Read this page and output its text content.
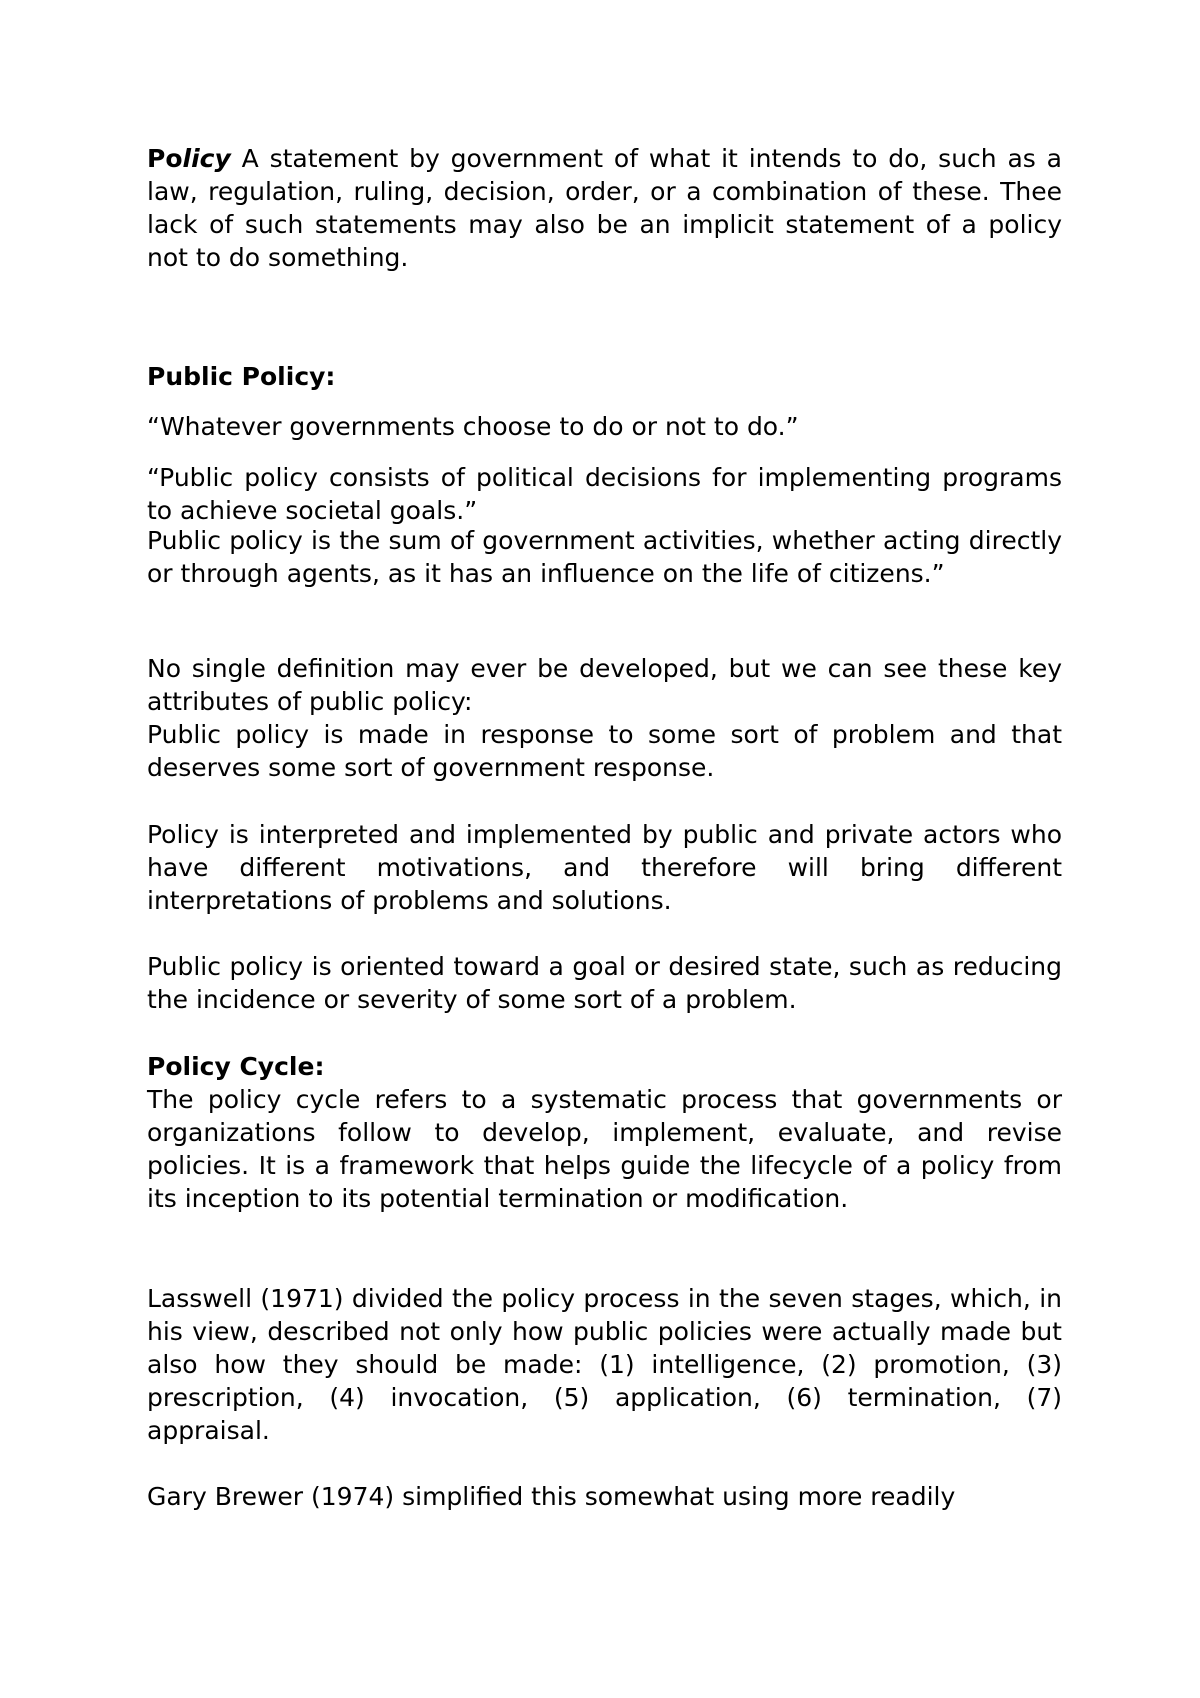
Policy A statement by government of what it intends to do, such as a law, regulation, ruling, decision, order, or a combination of these. Thee lack of such statements may also be an implicit statement of a policy not to do something.

Public Policy:

“Whatever governments choose to do or not to do.”

“Public policy consists of political decisions for implementing programs to achieve societal goals.”

Public policy is the sum of government activities, whether acting directly or through agents, as it has an influence on the life of citizens.”

No single definition may ever be developed, but we can see these key attributes of public policy:

Public policy is made in response to some sort of problem and that deserves some sort of government response.

Policy is interpreted and implemented by public and private actors who have different motivations, and therefore will bring different interpretations of problems and solutions.

Public policy is oriented toward a goal or desired state, such as reducing the incidence or severity of some sort of a problem.

Policy Cycle:

The policy cycle refers to a systematic process that governments or organizations follow to develop, implement, evaluate, and revise policies. It is a framework that helps guide the lifecycle of a policy from its inception to its potential termination or modification.

Lasswell (1971) divided the policy process in the seven stages, which, in his view, described not only how public policies were actually made but also how they should be made: (1) intelligence, (2) promotion, (3) prescription, (4) invocation, (5) application, (6) termination, (7) appraisal.

Gary Brewer (1974) simplified this somewhat using more readily
